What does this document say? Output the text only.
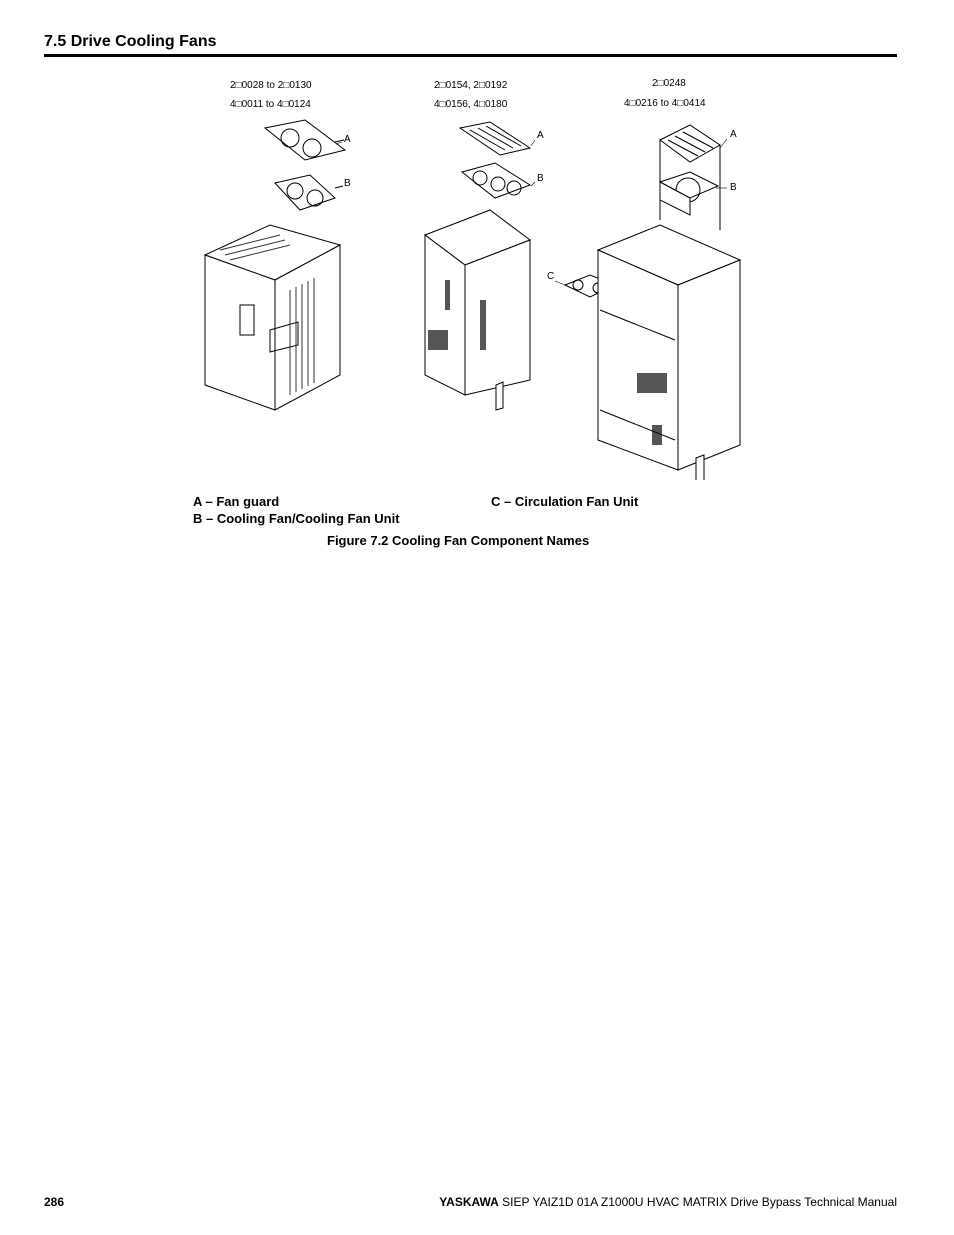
7.5 Drive Cooling Fans
2□0028 to 2□0130
4□0011 to 4□0124
2□0154, 2□0192
4□0156, 4□0180
2□0248
4□0216 to 4□0414
A
B
A
B
A
B
C
A – Fan guard
B – Cooling Fan/Cooling Fan Unit
C – Circulation Fan Unit
Figure 7.2 Cooling Fan Component Names
286	YASKAWA SIEP YAIZ1D 01A Z1000U HVAC MATRIX Drive Bypass Technical Manual
